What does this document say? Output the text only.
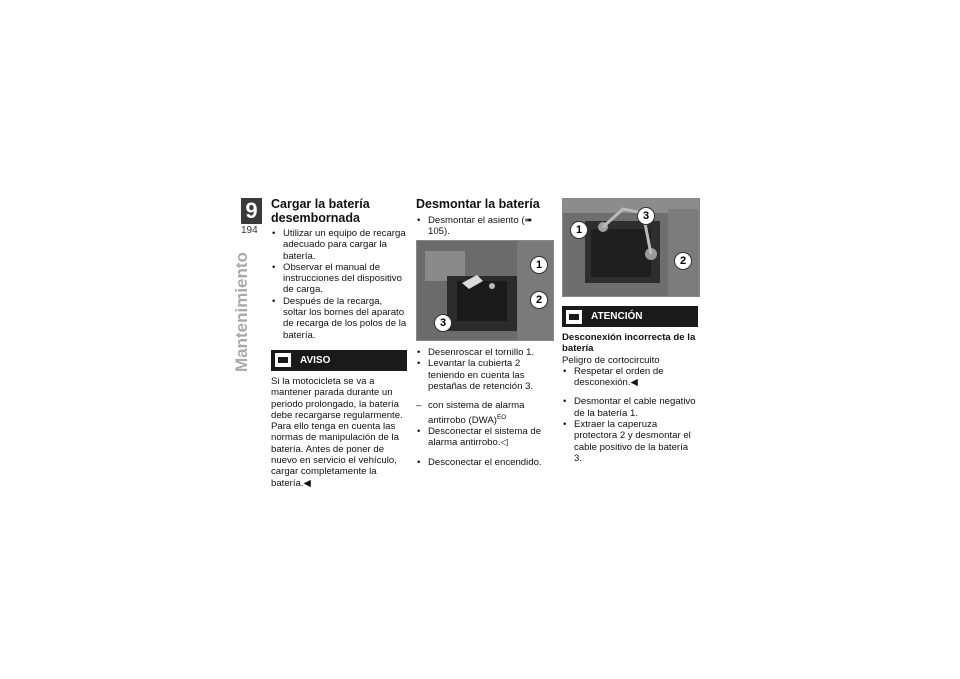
9
194
Mantenimiento
Cargar la batería desembornada
• Utilizar un equipo de recarga adecuado para cargar la batería.
• Observar el manual de instrucciones del dispositivo de carga.
• Después de la recarga, soltar los bornes del aparato de recarga de los polos de la batería.
AVISO

Si la motocicleta se va a mantener parada durante un periodo prolongado, la batería debe recargarse regularmente. Para ello tenga en cuenta las normas de manipulación de la batería. Antes de poner de nuevo en servicio el vehículo, cargar completamente la batería.◀

Desmontar la batería
• Desmontar el asiento (➠ 105).
1
2
3
• Desenroscar el tornillo 1.
• Levantar la cubierta 2 teniendo en cuenta las pestañas de retención 3.
– con sistema de alarma antirrobo (DWA)$^{EO}$
• Desconectar el sistema de alarma antirrobo.◁
• Desconectar el encendido.
1
2
3
ATENCIÓN

Desconexión incorrecta de la batería

Peligro de cortocircuito

• Respetar el orden de desconexión.◀
• Desmontar el cable negativo de la batería 1.
• Extraer la caperuza protectora 2 y desmontar el cable positivo de la batería 3.
